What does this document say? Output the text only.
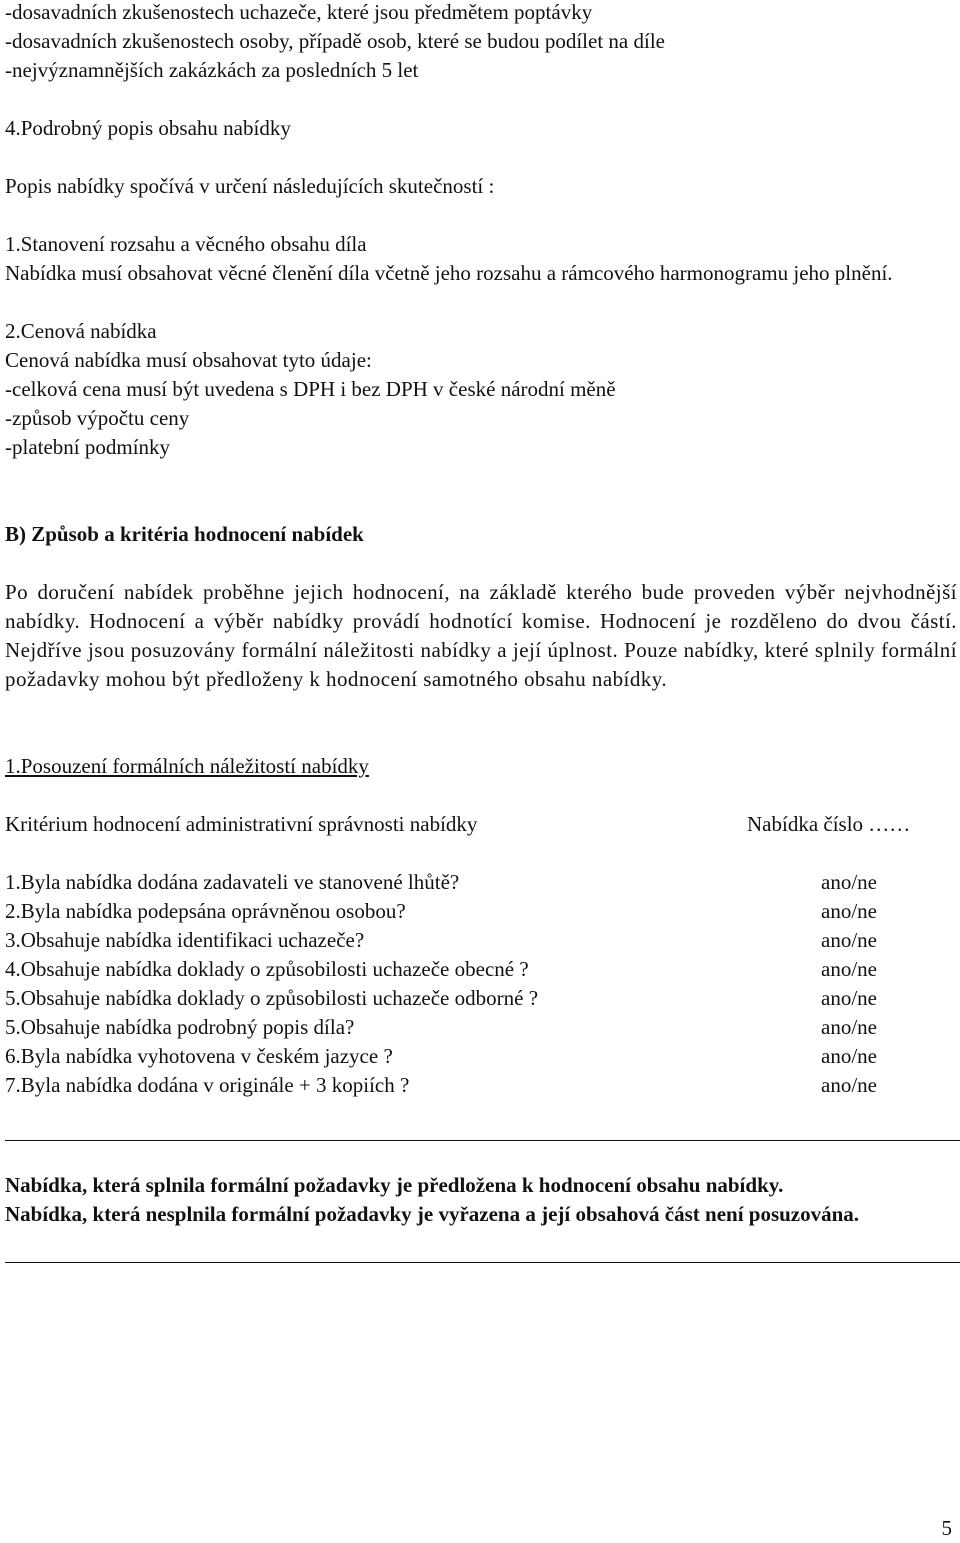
-dosavadních zkušenostech uchazeče, které jsou předmětem poptávky
-dosavadních zkušenostech osoby, případě osob, které se budou podílet na díle
-nejvýznamnějších zakázkách za posledních 5 let
4.Podrobný popis obsahu nabídky
Popis nabídky spočívá v určení následujících skutečností :
1.Stanovení rozsahu a věcného obsahu díla
Nabídka musí obsahovat věcné členění díla včetně jeho rozsahu a rámcového harmonogramu jeho plnění.
2.Cenová nabídka
Cenová nabídka musí obsahovat tyto údaje:
-celková cena musí být uvedena s DPH i bez DPH v české národní měně
-způsob výpočtu ceny
-platební podmínky
B) Způsob a kritéria hodnocení nabídek

Po doručení nabídek proběhne jejich hodnocení, na základě kterého bude proveden výběr nejvhodnější nabídky. Hodnocení a výběr nabídky provádí hodnotící komise. Hodnocení je rozděleno do dvou částí. Nejdříve jsou posuzovány formální náležitosti nabídky a její úplnost. Pouze nabídky, které splnily formální požadavky mohou být předloženy k hodnocení samotného obsahu nabídky.

1.Posouzení formálních náležitostí nabídky
Kritérium hodnocení administrativní správnosti nabídky	Nabídka číslo ……
1.Byla nabídka dodána zadavateli ve stanovené lhůtě?	ano/ne
2.Byla nabídka podepsána oprávněnou osobou?	ano/ne
3.Obsahuje nabídka identifikaci uchazeče?	ano/ne
4.Obsahuje nabídka doklady o způsobilosti uchazeče obecné ?	ano/ne
5.Obsahuje nabídka doklady o způsobilosti uchazeče odborné ?	ano/ne
5.Obsahuje nabídka podrobný popis díla?	ano/ne
6.Byla nabídka vyhotovena v českém jazyce ?	ano/ne
7.Byla nabídka dodána v originále + 3 kopiích ?	ano/ne

Nabídka, která splnila formální požadavky je předložena k hodnocení obsahu nabídky.

Nabídka, která nesplnila formální požadavky je vyřazena a její obsahová část není posuzována.

5
